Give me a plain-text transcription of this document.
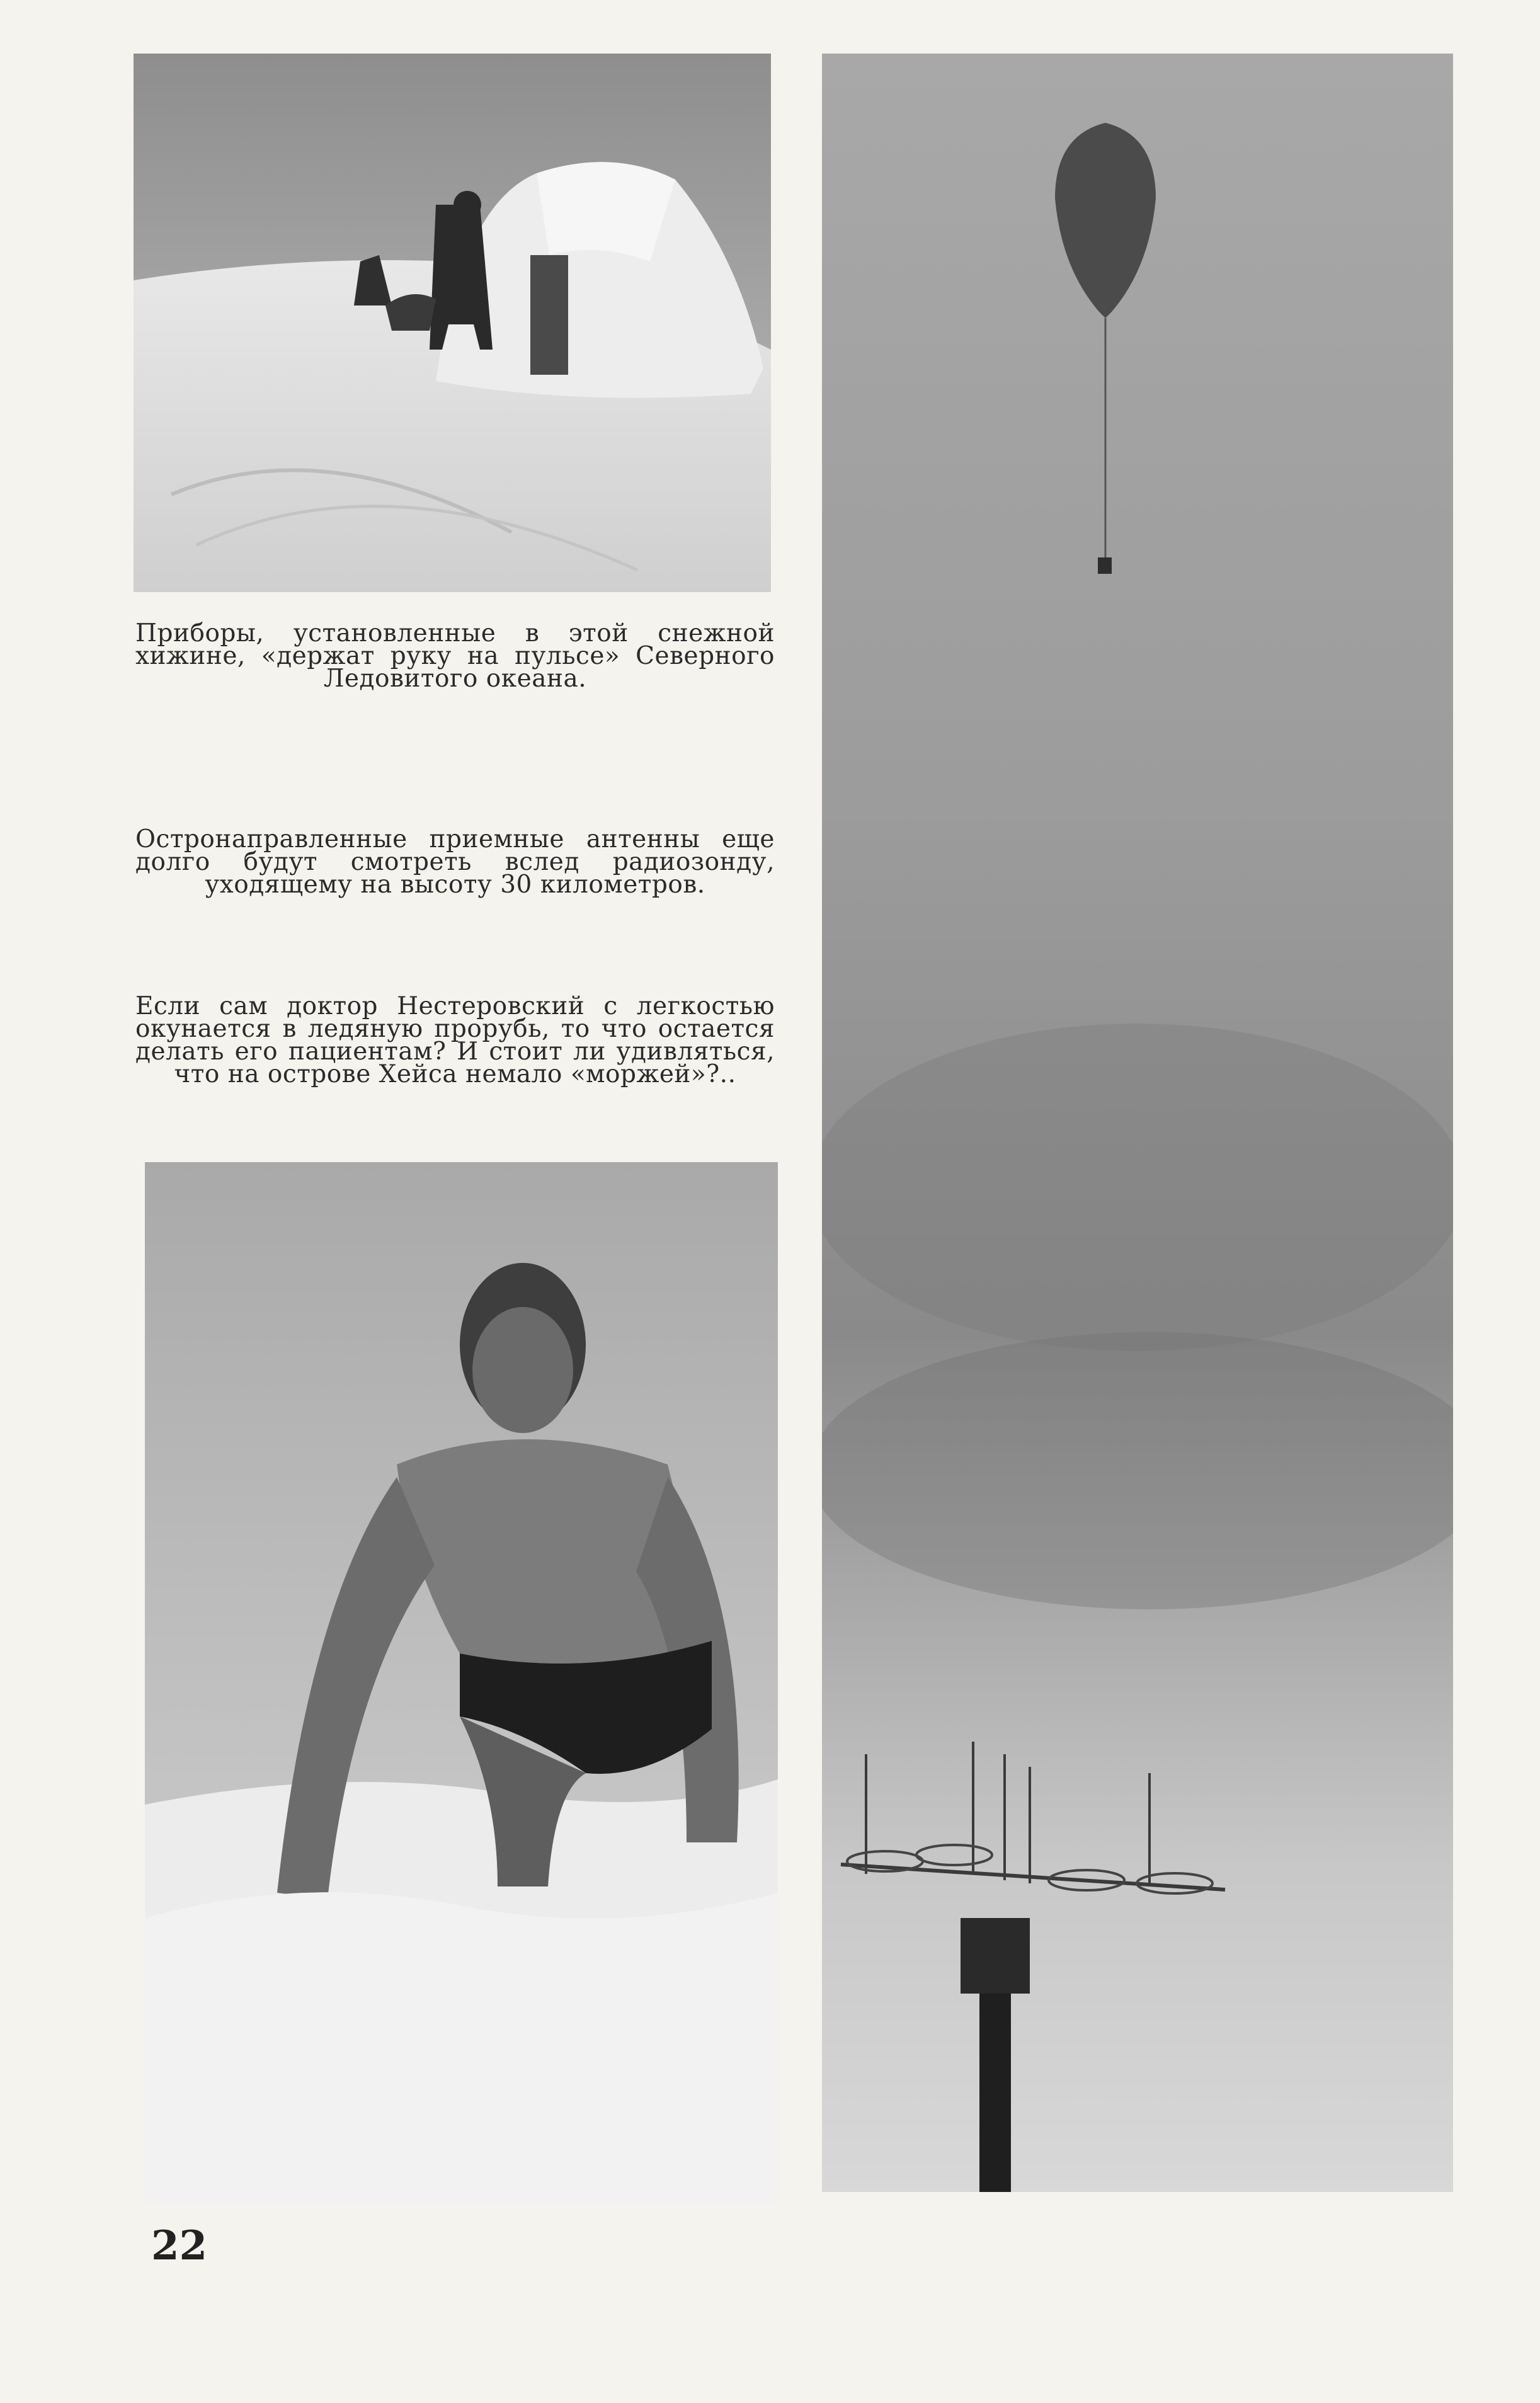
Приборы, установленные в этой снежной хижине, «держат руку на пульсе» Северного Ледовитого океана.
Остронаправленные приемные антенны еще долго будут смотреть вслед радиозонду, уходящему на высоту 30 километров.
Если сам доктор Нестеровский с легкостью окунается в ледяную прорубь, то что остается делать его пациентам? И стоит ли удивляться, что на острове Хейса немало «моржей»?..
22
